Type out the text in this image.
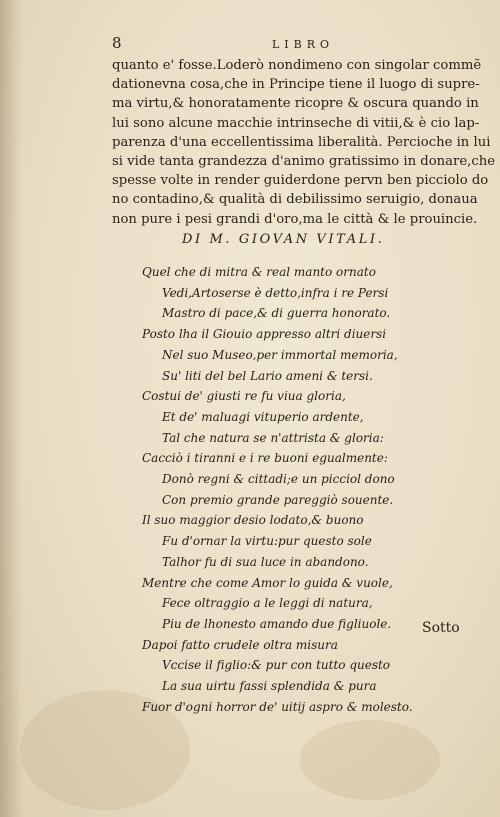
8	LIBRO

quanto e' fosse.Loderò nondimeno con singolar commẽ
dationevna cosa,che in Principe tiene il luogo di supre-
ma virtu,& honoratamente ricopre & oscura quando in
lui sono alcune macchie intrinseche di vitii,& è cio lap-
parenza d'una eccellentissima liberalità. Percioche in lui
si vide tanta grandezza d'animo gratissimo in donare,che
spesse volte in render guiderdone pervn ben picciolo do
no contadino,& qualità di debilissimo seruigio, donaua
non pure i pesi grandi d'oro,ma le città & le prouincie.

DI M. GIOVAN VITALI.
Quel che di mitra & real manto ornato
Vedi,Artoserse è detto,infra i re Persi
Mastro di pace,& di guerra honorato.
Posto lha il Giouio appresso altri diuersi
Nel suo Museo,per immortal memoria,
Su' liti del bel Lario ameni & tersi.
Costui de' giusti re fu viua gloria,
Et de' maluagi vituperio ardente,
Tal che natura se n'attrista & gloria:
Cacciò i tiranni e i re buoni egualmente:
Donò regni & cittadi;e un picciol dono
Con premio grande pareggiò souente.
Il suo maggior desio lodato,& buono
Fu d'ornar la virtu:pur questo sole
Talhor fu di sua luce in abandono.
Mentre che come Amor lo guida & vuole,
Fece oltraggio a le leggi di natura,
Piu de lhonesto amando due figliuole.
Dapoi fatto crudele oltra misura
Vccise il figlio:& pur con tutto questo
La sua uirtu fassi splendida & pura
Fuor d'ogni horror de' uitij aspro & molesto.
Sotto
